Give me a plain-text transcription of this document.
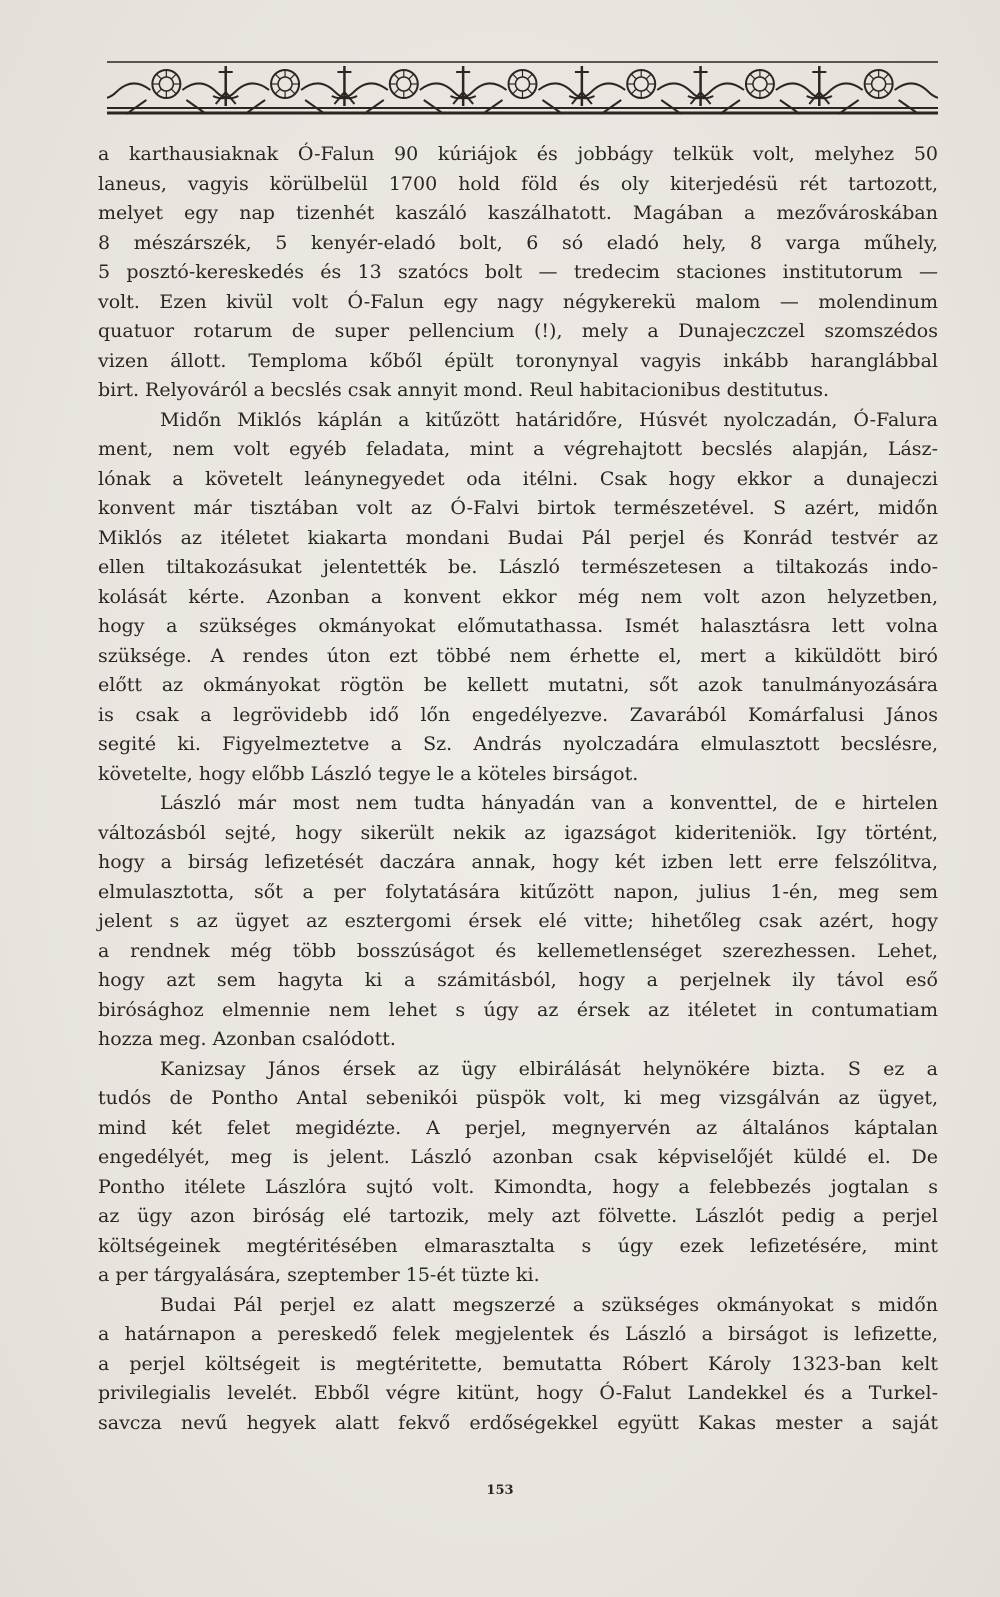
a karthausiaknak Ó-Falun 90 kúriájok és jobbágy telkük volt, melyhez 50
laneus, vagyis körülbelül 1700 hold föld és oly kiterjedésü rét tartozott,
melyet egy nap tizenhét kaszáló kaszálhatott. Magában a mezővároskában
8 mészárszék, 5 kenyér-eladó bolt, 6 só eladó hely, 8 varga műhely,
5 posztó-kereskedés és 13 szatócs bolt — tredecim staciones institutorum —
volt. Ezen kivül volt Ó-Falun egy nagy négykerekü malom — molendinum
quatuor rotarum de super pellencium (!), mely a Dunajeczczel szomszédos
vizen állott. Temploma kőből épült toronynyal vagyis inkább haranglábbal
birt. Relyováról a becslés csak annyit mond. Reul habitacionibus destitutus.
Midőn Miklós káplán a kitűzött határidőre, Húsvét nyolczadán, Ó-Falura
ment, nem volt egyéb feladata, mint a végrehajtott becslés alapján, Lász-
lónak a követelt leánynegyedet oda itélni. Csak hogy ekkor a dunajeczi
konvent már tisztában volt az Ó-Falvi birtok természetével. S azért, midőn
Miklós az itéletet kiakarta mondani Budai Pál perjel és Konrád testvér az
ellen tiltakozásukat jelentették be. László természetesen a tiltakozás indo-
kolását kérte. Azonban a konvent ekkor még nem volt azon helyzetben,
hogy a szükséges okmányokat előmutathassa. Ismét halasztásra lett volna
szüksége. A rendes úton ezt többé nem érhette el, mert a kiküldött biró
előtt az okmányokat rögtön be kellett mutatni, sőt azok tanulmányozására
is csak a legrövidebb idő lőn engedélyezve. Zavarából Komárfalusi János
segité ki. Figyelmeztetve a Sz. András nyolczadára elmulasztott becslésre,
követelte, hogy előbb László tegye le a köteles birságot.
László már most nem tudta hányadán van a konventtel, de e hirtelen
változásból sejté, hogy sikerült nekik az igazságot kideriteniök. Igy történt,
hogy a birság lefizetését daczára annak, hogy két izben lett erre felszólitva,
elmulasztotta, sőt a per folytatására kitűzött napon, julius 1-én, meg sem
jelent s az ügyet az esztergomi érsek elé vitte; hihetőleg csak azért, hogy
a rendnek még több bosszúságot és kellemetlenséget szerezhessen. Lehet,
hogy azt sem hagyta ki a számitásból, hogy a perjelnek ily távol eső
birósághoz elmennie nem lehet s úgy az érsek az itéletet in contumatiam
hozza meg. Azonban csalódott.
Kanizsay János érsek az ügy elbirálását helynökére bizta. S ez a
tudós de Pontho Antal sebenikói püspök volt, ki meg vizsgálván az ügyet,
mind két felet megidézte. A perjel, megnyervén az általános káptalan
engedélyét, meg is jelent. László azonban csak képviselőjét küldé el. De
Pontho itélete Lászlóra sujtó volt. Kimondta, hogy a felebbezés jogtalan s
az ügy azon biróság elé tartozik, mely azt fölvette. Lászlót pedig a perjel
költségeinek megtéritésében elmarasztalta s úgy ezek lefizetésére, mint
a per tárgyalására, szeptember 15-ét tüzte ki.
Budai Pál perjel ez alatt megszerzé a szükséges okmányokat s midőn
a határnapon a pereskedő felek megjelentek és László a birságot is lefizette,
a perjel költségeit is megtéritette, bemutatta Róbert Károly 1323-ban kelt
privilegialis levelét. Ebből végre kitünt, hogy Ó-Falut Landekkel és a Turkel-
savcza nevű hegyek alatt fekvő erdőségekkel együtt Kakas mester a saját
153
